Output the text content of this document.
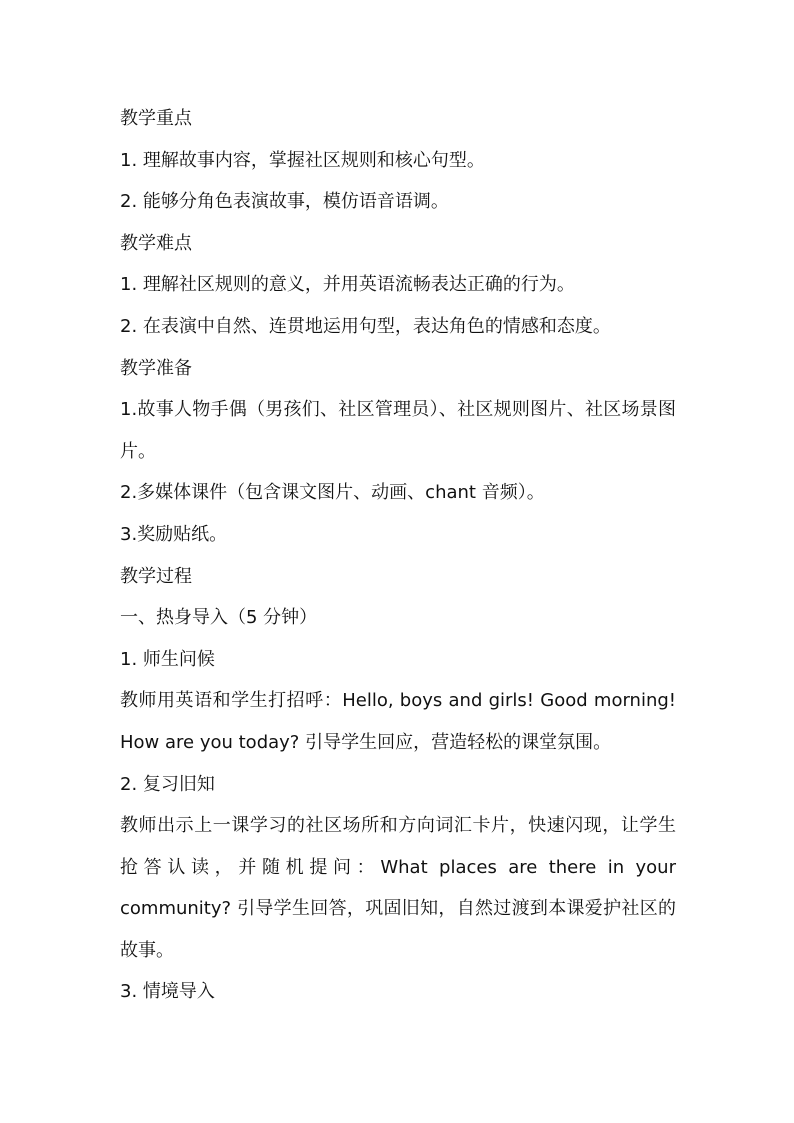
教学重点

1. 理解故事内容，掌握社区规则和核心句型。

2. 能够分角色表演故事，模仿语音语调。

教学难点

1. 理解社区规则的意义，并用英语流畅表达正确的行为。

2. 在表演中自然、连贯地运用句型，表达角色的情感和态度。

教学准备

1.故事人物手偶（男孩们、社区管理员）、社区规则图片、社区场景图片。

2.多媒体课件（包含课文图片、动画、chant 音频）。

3.奖励贴纸。

教学过程

一、热身导入（5 分钟）

1. 师生问候

教师用英语和学生打招呼：Hello, boys and girls! Good morning! How are you today? 引导学生回应，营造轻松的课堂氛围。

2. 复习旧知

教师出示上一课学习的社区场所和方向词汇卡片，快速闪现，让学生抢答认读，并随机提问：What places are there in your community? 引导学生回答，巩固旧知，自然过渡到本课爱护社区的故事。

3. 情境导入
